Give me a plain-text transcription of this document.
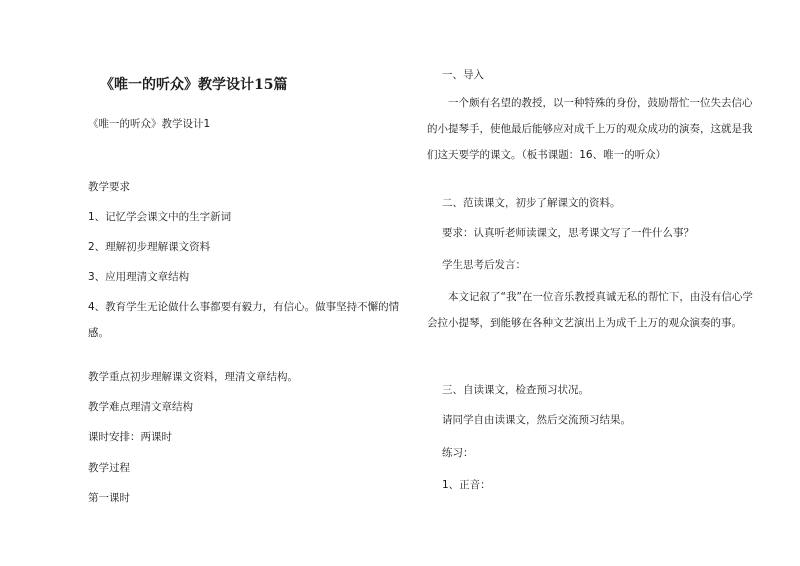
《唯一的听众》教学设计15篇
《唯一的听众》教学设计1
教学要求
1、记忆学会课文中的生字新词
2、理解初步理解课文资料
3、应用理清文章结构
4、教育学生无论做什么事都要有毅力，有信心。做事坚持不懈的情感。
教学重点初步理解课文资料，理清文章结构。
教学难点理清文章结构
课时安排：两课时
教学过程
第一课时
一、导入
一个颇有名望的教授，以一种特殊的身份，鼓励帮忙一位失去信心的小提琴手，使他最后能够应对成千上万的观众成功的演奏，这就是我们这天要学的课文。（板书课题：16、唯一的听众）
二、范读课文，初步了解课文的资料。
要求：认真听老师读课文，思考课文写了一件什么事？
学生思考后发言：
本文记叙了“我”在一位音乐教授真诚无私的帮忙下，由没有信心学会拉小提琴，到能够在各种文艺演出上为成千上万的观众演奏的事。
三、自读课文，检查预习状况。
请同学自由读课文，然后交流预习结果。
练习：
1、正音：
